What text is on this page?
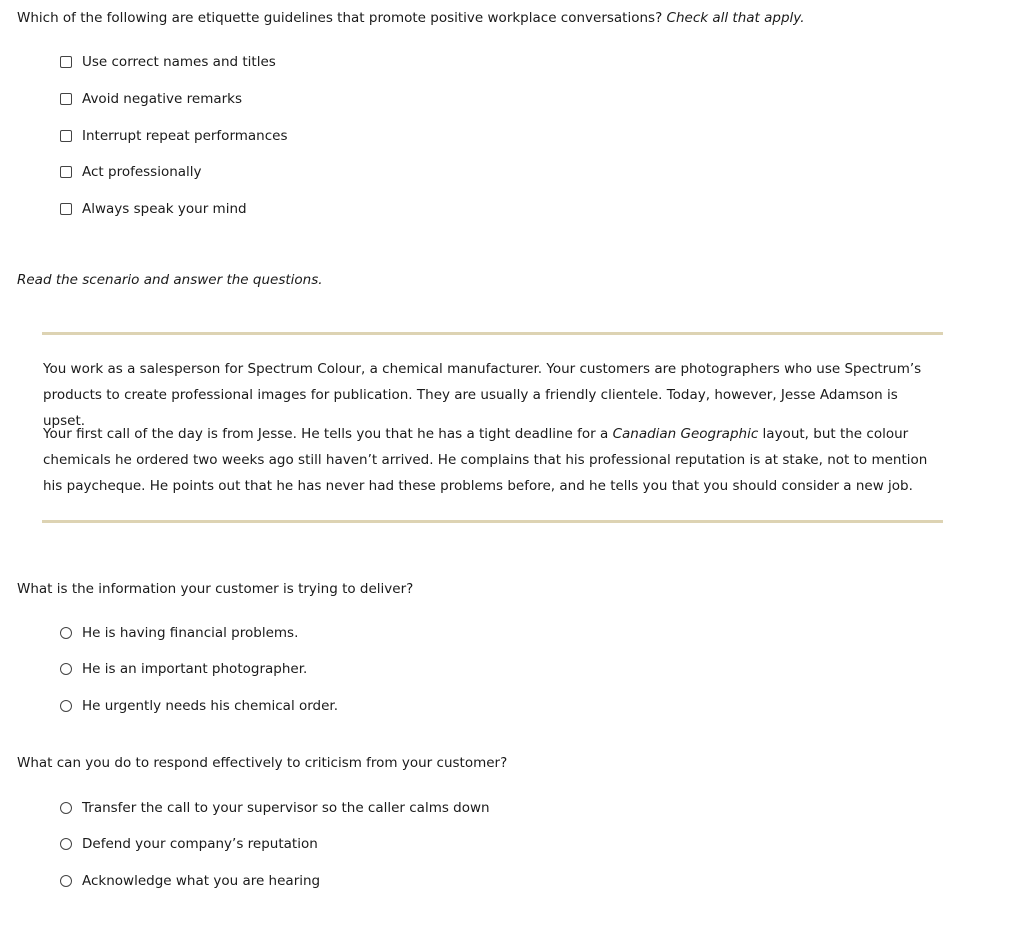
Which of the following are etiquette guidelines that promote positive workplace conversations? Check all that apply.
Use correct names and titles
Avoid negative remarks
Interrupt repeat performances
Act professionally
Always speak your mind
Read the scenario and answer the questions.
You work as a salesperson for Spectrum Colour, a chemical manufacturer. Your customers are photographers who use Spectrum’s products to create professional images for publication. They are usually a friendly clientele. Today, however, Jesse Adamson is upset.
Your first call of the day is from Jesse. He tells you that he has a tight deadline for a Canadian Geographic layout, but the colour chemicals he ordered two weeks ago still haven’t arrived. He complains that his professional reputation is at stake, not to mention his paycheque. He points out that he has never had these problems before, and he tells you that you should consider a new job.
What is the information your customer is trying to deliver?
He is having financial problems.
He is an important photographer.
He urgently needs his chemical order.
What can you do to respond effectively to criticism from your customer?
Transfer the call to your supervisor so the caller calms down
Defend your company’s reputation
Acknowledge what you are hearing
